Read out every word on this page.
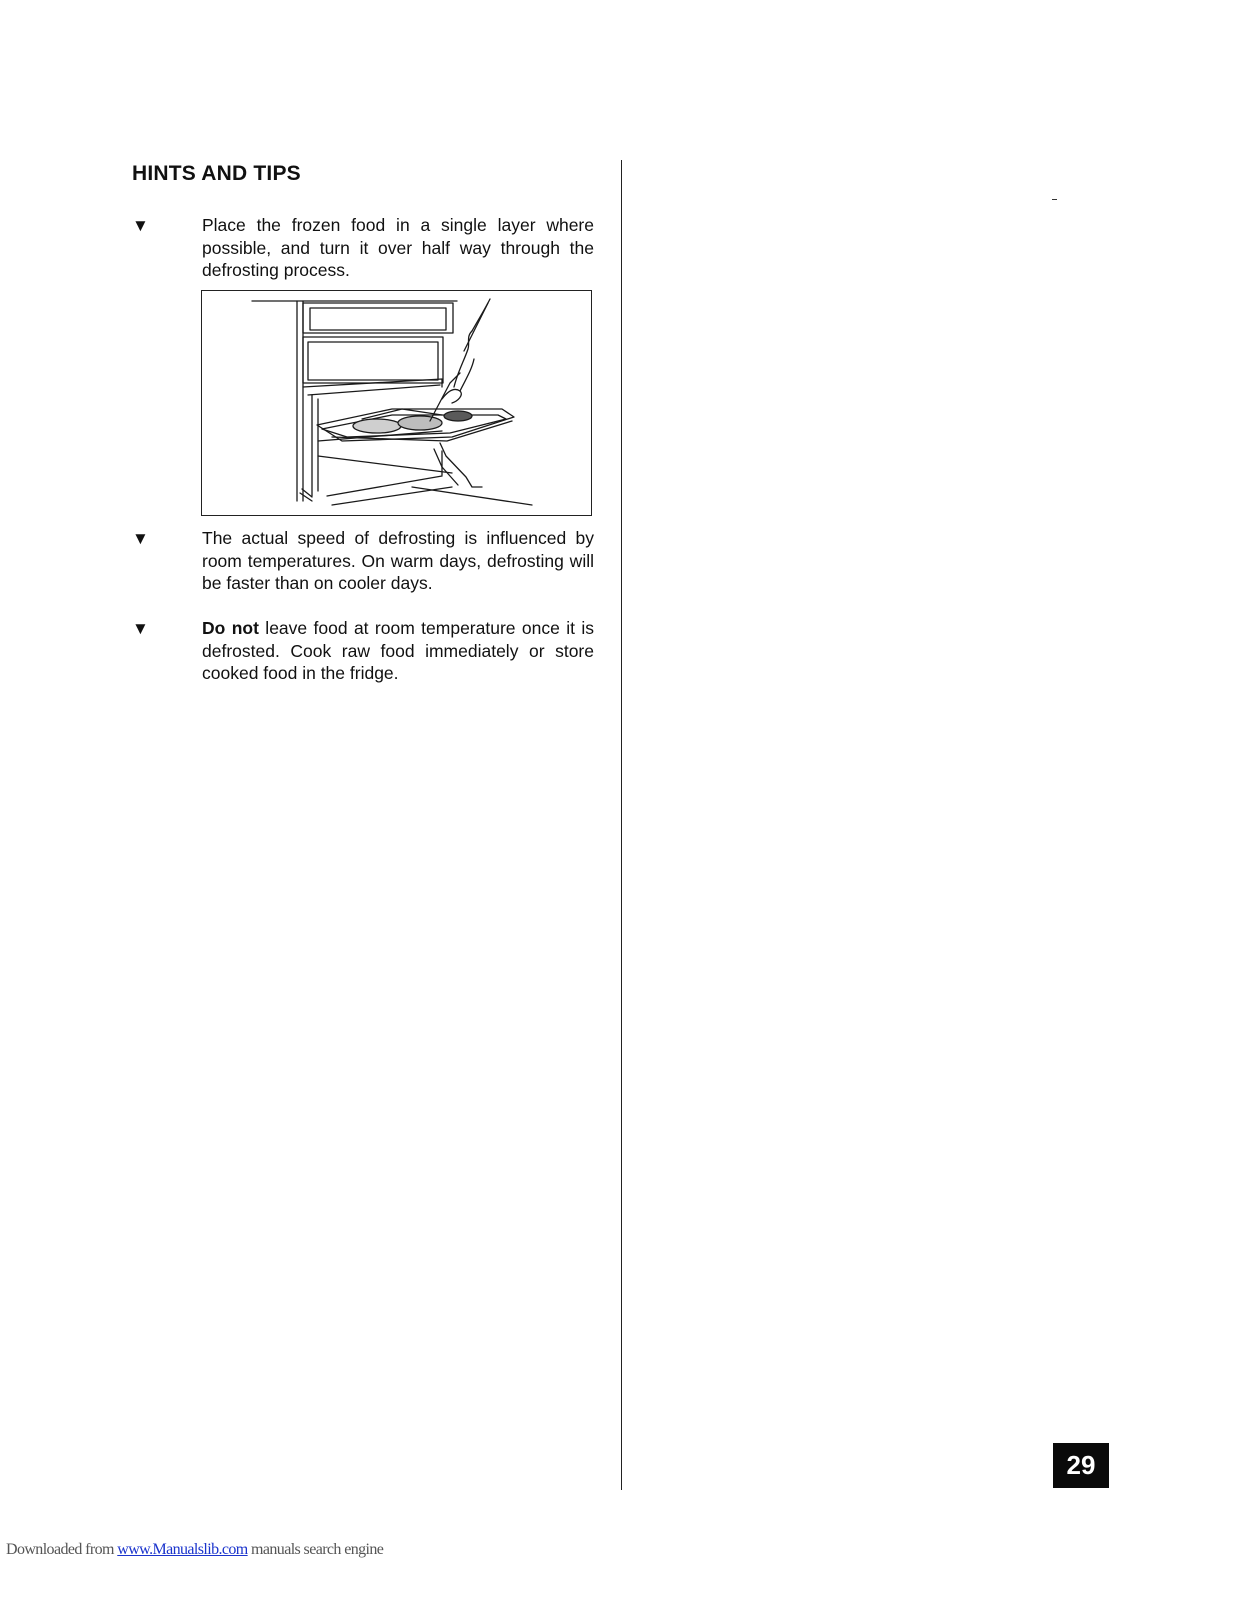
HINTS AND TIPS
▼	Place the frozen food in a single layer where possible, and turn it over half way through the defrosting process.
▼	The actual speed of defrosting is influenced by room temperatures. On warm days, defrosting will be faster than on cooler days.
▼	Do not leave food at room temperature once it is defrosted. Cook raw food immediately or store cooked food in the fridge.
29
Downloaded from www.Manualslib.com manuals search engine
